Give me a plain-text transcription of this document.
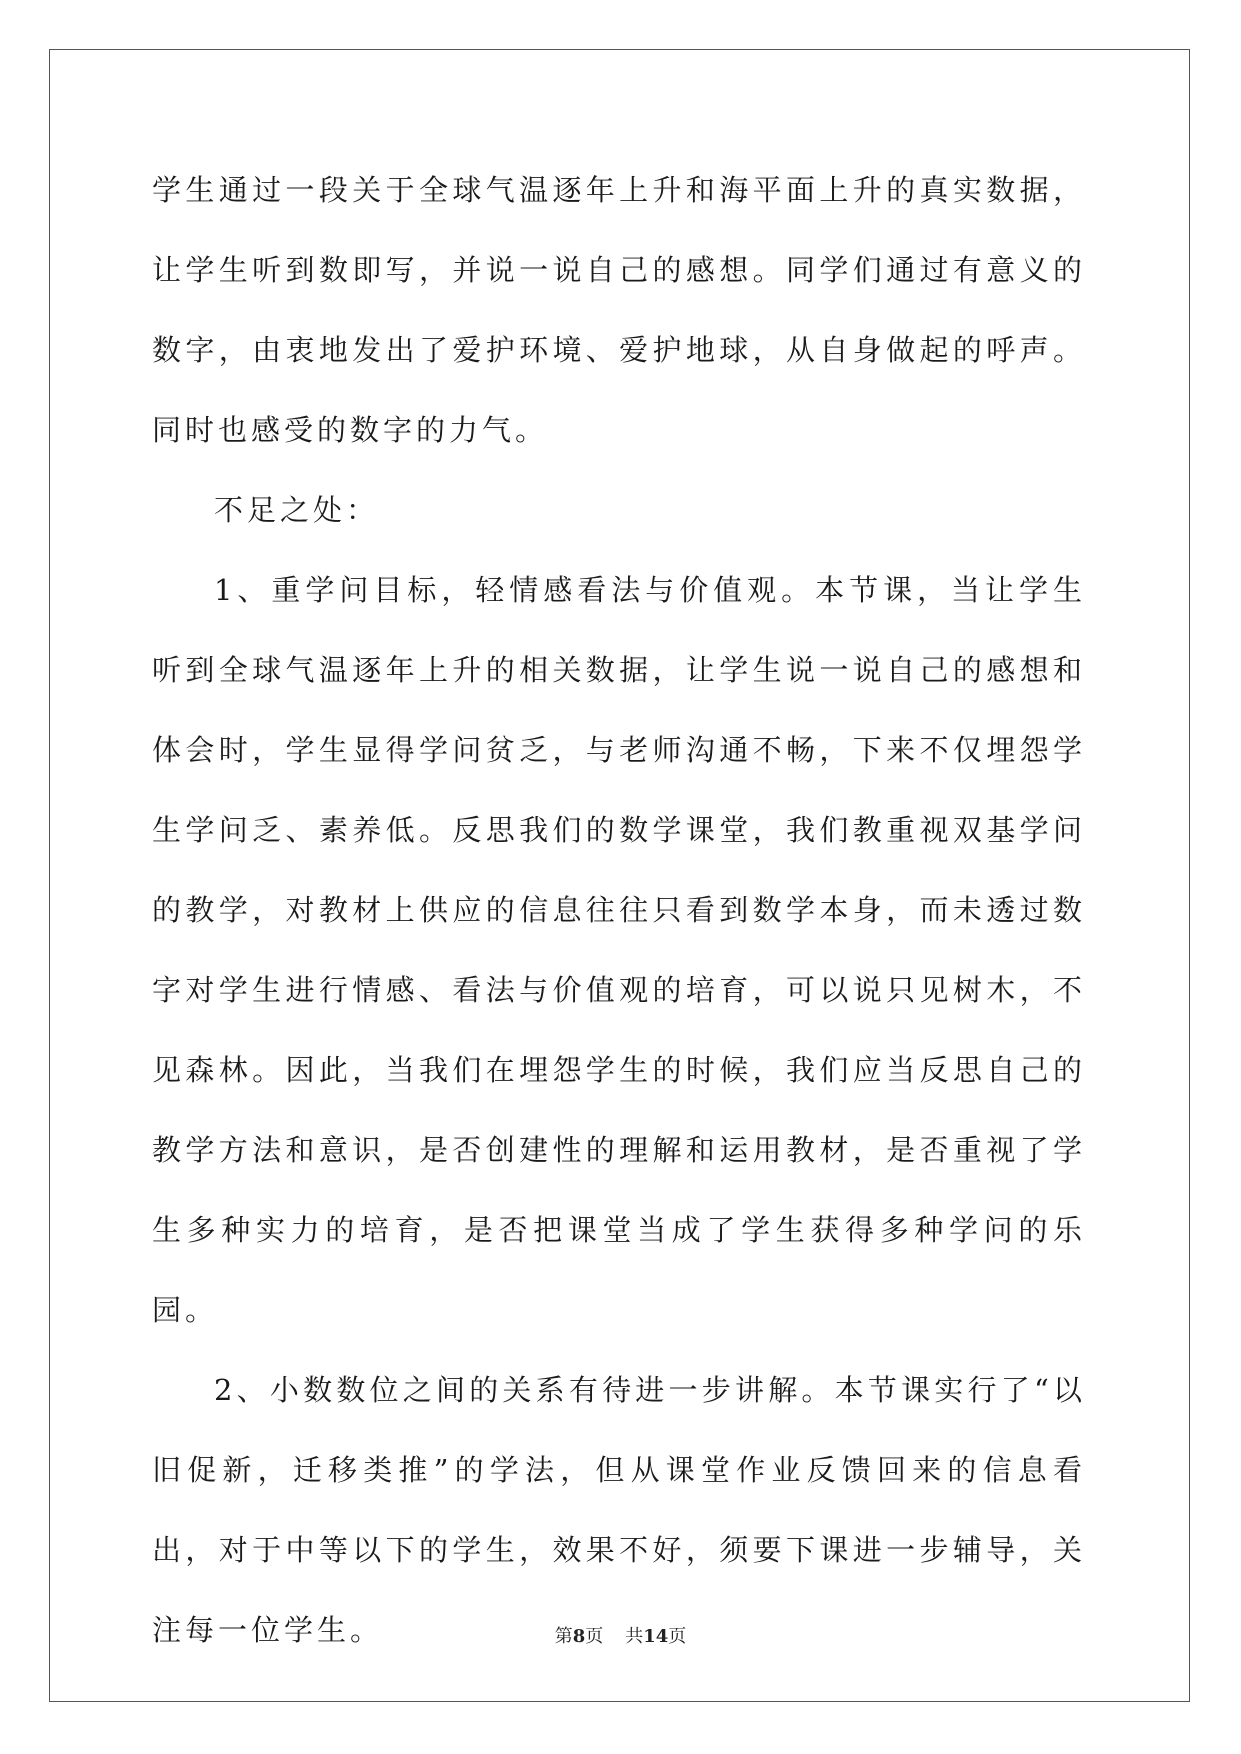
学生通过一段关于全球气温逐年上升和海平面上升的真实数据，让学生听到数即写，并说一说自己的感想。同学们通过有意义的数字，由衷地发出了爱护环境、爱护地球，从自身做起的呼声。同时也感受的数字的力气。

不足之处：

1、重学问目标，轻情感看法与价值观。本节课，当让学生听到全球气温逐年上升的相关数据，让学生说一说自己的感想和体会时，学生显得学问贫乏，与老师沟通不畅，下来不仅埋怨学生学问乏、素养低。反思我们的数学课堂，我们教重视双基学问的教学，对教材上供应的信息往往只看到数学本身，而未透过数字对学生进行情感、看法与价值观的培育，可以说只见树木，不见森林。因此，当我们在埋怨学生的时候，我们应当反思自己的教学方法和意识，是否创建性的理解和运用教材，是否重视了学生多种实力的培育，是否把课堂当成了学生获得多种学问的乐园。

2、小数数位之间的关系有待进一步讲解。本节课实行了“以旧促新，迁移类推”的学法，但从课堂作业反馈回来的信息看出，对于中等以下的学生，效果不好，须要下课进一步辅导，关注每一位学生。	第8页 共14页
